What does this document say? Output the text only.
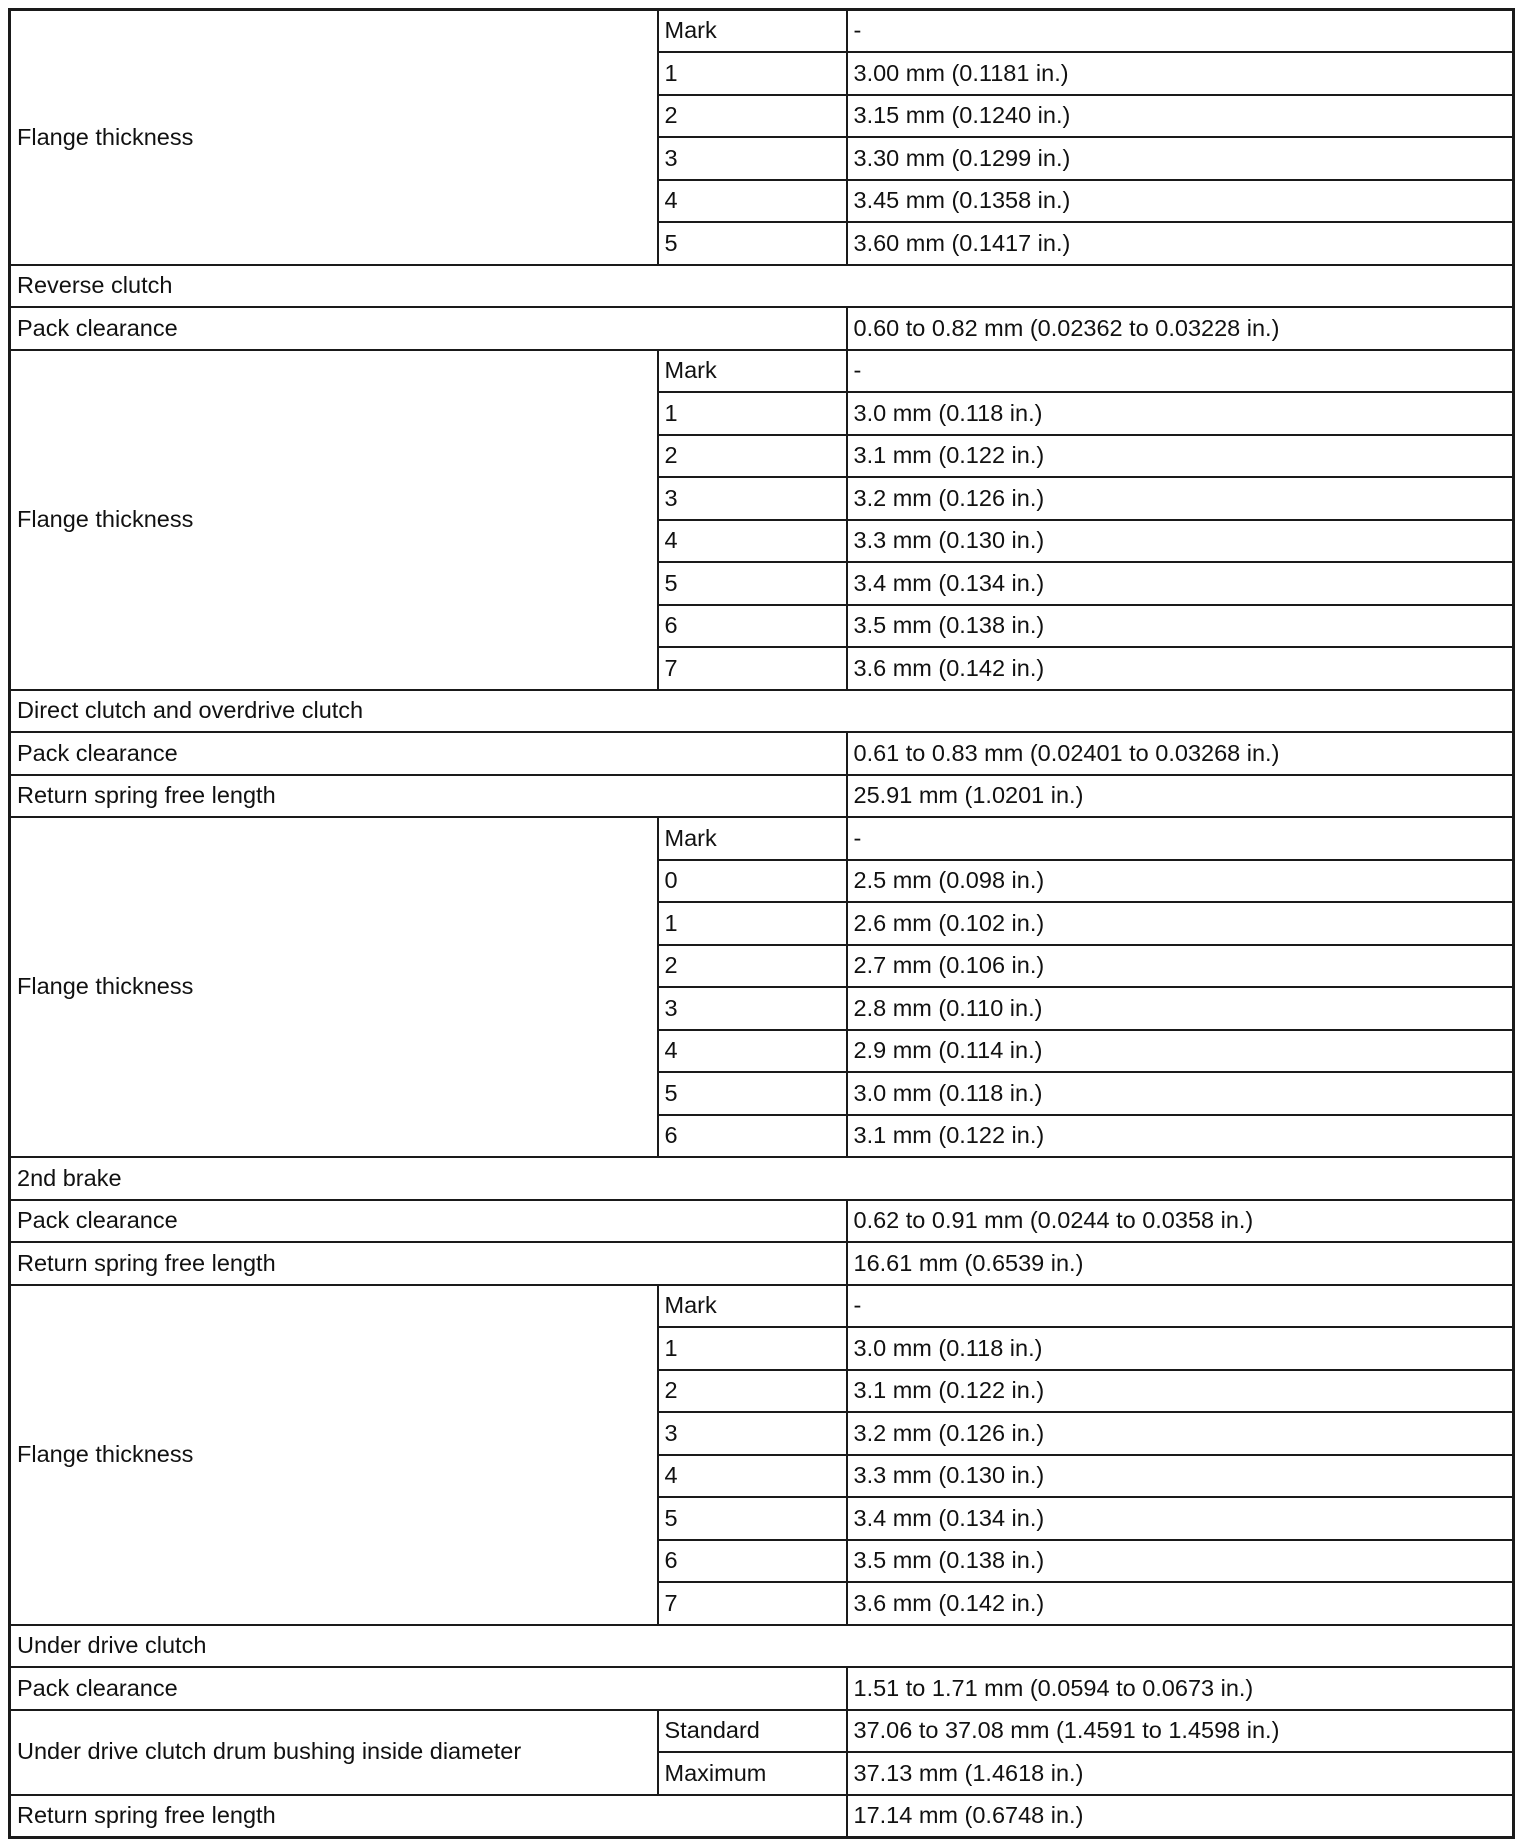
Flange thickness	Mark	-
	1	3.00 mm (0.1181 in.)
	2	3.15 mm (0.1240 in.)
	3	3.30 mm (0.1299 in.)
	4	3.45 mm (0.1358 in.)
	5	3.60 mm (0.1417 in.)
Reverse clutch		
Pack clearance		0.60 to 0.82 mm (0.02362 to 0.03228 in.)
Flange thickness	Mark	-
	1	3.0 mm (0.118 in.)
	2	3.1 mm (0.122 in.)
	3	3.2 mm (0.126 in.)
	4	3.3 mm (0.130 in.)
	5	3.4 mm (0.134 in.)
	6	3.5 mm (0.138 in.)
	7	3.6 mm (0.142 in.)
Direct clutch and overdrive clutch		
Pack clearance		0.61 to 0.83 mm (0.02401 to 0.03268 in.)
Return spring free length		25.91 mm (1.0201 in.)
Flange thickness	Mark	-
	0	2.5 mm (0.098 in.)
	1	2.6 mm (0.102 in.)
	2	2.7 mm (0.106 in.)
	3	2.8 mm (0.110 in.)
	4	2.9 mm (0.114 in.)
	5	3.0 mm (0.118 in.)
	6	3.1 mm (0.122 in.)
2nd brake		
Pack clearance		0.62 to 0.91 mm (0.0244 to 0.0358 in.)
Return spring free length		16.61 mm (0.6539 in.)
Flange thickness	Mark	-
	1	3.0 mm (0.118 in.)
	2	3.1 mm (0.122 in.)
	3	3.2 mm (0.126 in.)
	4	3.3 mm (0.130 in.)
	5	3.4 mm (0.134 in.)
	6	3.5 mm (0.138 in.)
	7	3.6 mm (0.142 in.)
Under drive clutch		
Pack clearance		1.51 to 1.71 mm (0.0594 to 0.0673 in.)
Under drive clutch drum bushing inside diameter	Standard	37.06 to 37.08 mm (1.4591 to 1.4598 in.)
	Maximum	37.13 mm (1.4618 in.)
Return spring free length		17.14 mm (0.6748 in.)
